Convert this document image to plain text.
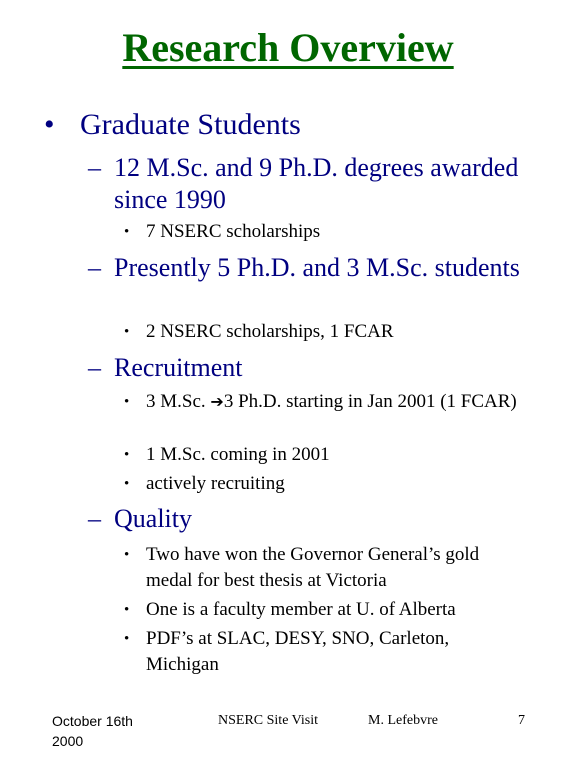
Research Overview
• Graduate Students
– 12 M.Sc. and 9 Ph.D. degrees awarded since 1990
• 7 NSERC scholarships
– Presently 5 Ph.D. and 3 M.Sc. students
• 2 NSERC scholarships, 1 FCAR
– Recruitment
• 3 M.Sc. ➔3 Ph.D. starting in Jan 2001 (1 FCAR)
• 1 M.Sc. coming in 2001
• actively recruiting
– Quality
• Two have won the Governor General’s gold medal for best thesis at Victoria
• One is a faculty member at U. of Alberta
• PDF’s at SLAC, DESY, SNO, Carleton, Michigan
October 16th 2000
NSERC Site Visit	M. Lefebvre	7
